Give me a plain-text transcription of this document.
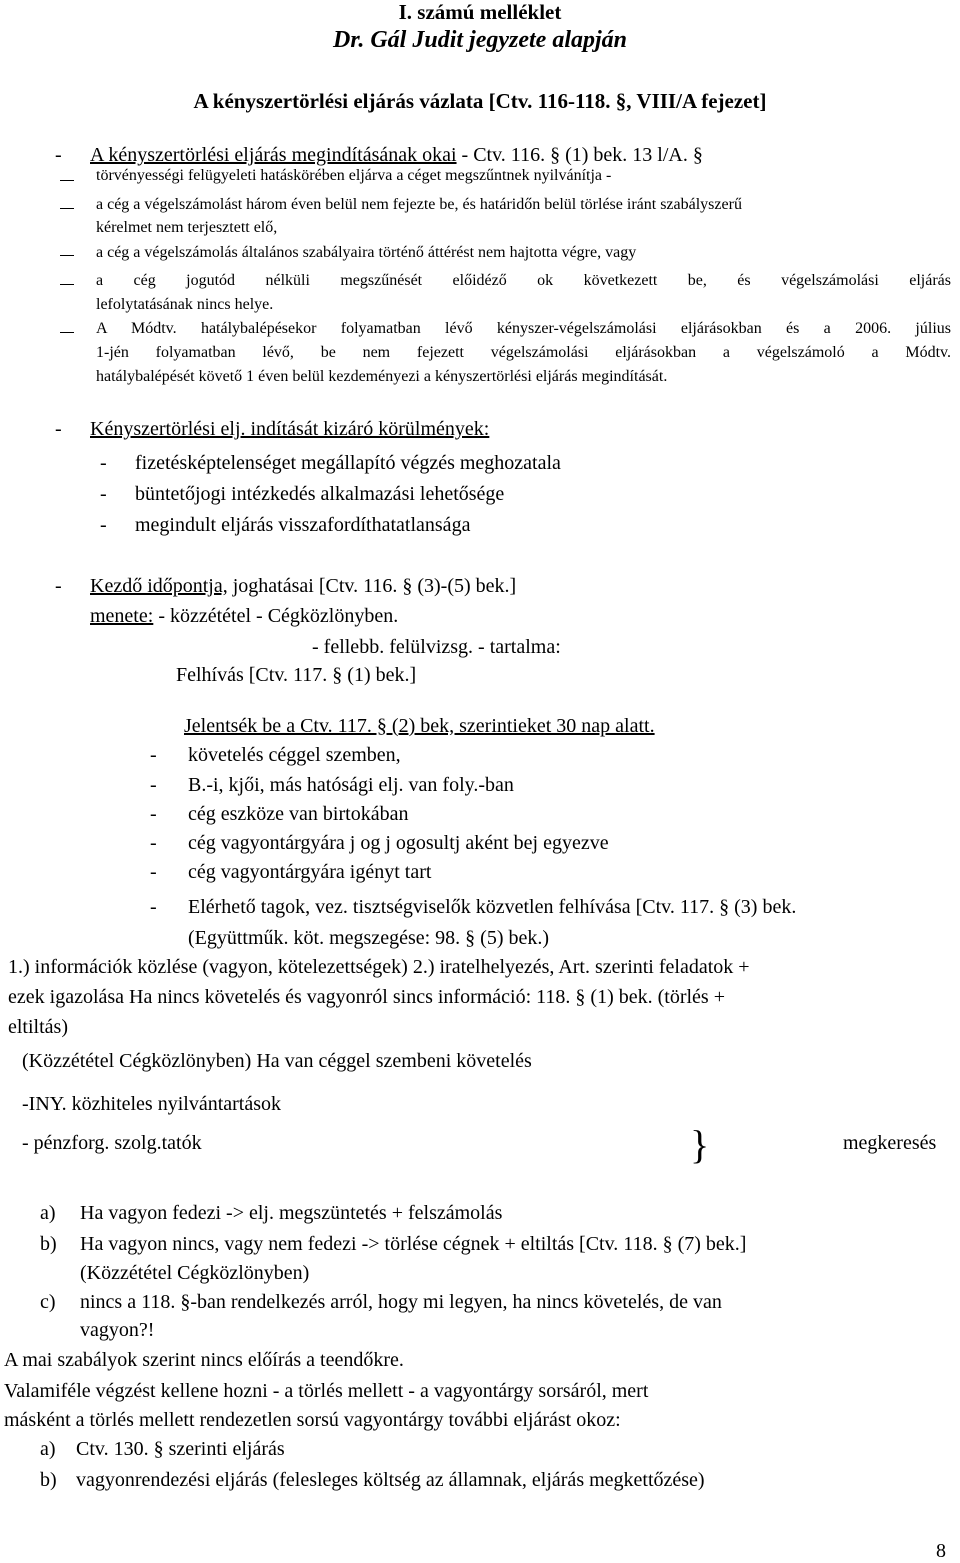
I. számú melléklet
Dr. Gál Judit jegyzete alapján
A kényszertörlési eljárás vázlata [Ctv. 116-118. §, VIII/A fejezet]
- A kényszertörlési eljárás megindításának okai - Ctv. 116. § (1) bek. 13 l/A. §
törvényességi felügyeleti hatáskörében eljárva a céget megszűntnek nyilvánítja -
a cég a végelszámolást három éven belül nem fejezte be, és határidőn belül törlése iránt szabályszerű
kérelmet nem terjesztett elő,
a cég a végelszámolás általános szabályaira történő áttérést nem hajtotta végre, vagy
a cég jogutód nélküli megszűnését előidéző ok következett be, és végelszámolási eljárás
lefolytatásának nincs helye.
A Módtv. hatálybalépésekor folyamatban lévő kényszer-végelszámolási eljárásokban és a 2006. július
1-jén folyamatban lévő, be nem fejezett végelszámolási eljárásokban a végelszámoló a Módtv.
hatálybalépését követő 1 éven belül kezdeményezi a kényszertörlési eljárás megindítását.
- Kényszertörlési elj. indítását kizáró körülmények:
- fizetésképtelenséget megállapító végzés meghozatala
- büntetőjogi intézkedés alkalmazási lehetősége
- megindult eljárás visszafordíthatatlansága
- Kezdő időpontja, joghatásai [Ctv. 116. § (3)-(5) bek.]
menete: - közzététel - Cégközlönyben.
- fellebb. felülvizsg. - tartalma:
Felhívás [Ctv. 117. § (1) bek.]
Jelentsék be a Ctv. 117. § (2) bek, szerintieket 30 nap alatt.
- követelés céggel szemben,
- B.-i, kjői, más hatósági elj. van foly.-ban
- cég eszköze van birtokában
- cég vagyontárgyára j og j ogosultj aként bej egyezve
- cég vagyontárgyára igényt tart
- Elérhető tagok, vez. tisztségviselők közvetlen felhívása [Ctv. 117. § (3) bek.
(Együttműk. köt. megszegése: 98. § (5) bek.)
1.) információk közlése (vagyon, kötelezettségek) 2.) iratelhelyezés, Art. szerinti feladatok +
ezek igazolása Ha nincs követelés és vagyonról sincs információ: 118. § (1) bek. (törlés +
eltiltás)
(Közzététel Cégközlönyben) Ha van céggel szembeni követelés
-INY. közhiteles nyilvántartások
- pénzforg. szolg.tatók	}	megkeresés
a) Ha vagyon fedezi -> elj. megszüntetés + felszámolás
b) Ha vagyon nincs, vagy nem fedezi -> törlése cégnek + eltiltás [Ctv. 118. § (7) bek.]
(Közzététel Cégközlönyben)
c) nincs a 118. §-ban rendelkezés arról, hogy mi legyen, ha nincs követelés, de van
vagyon?!
A mai szabályok szerint nincs előírás a teendőkre.
Valamiféle végzést kellene hozni - a törlés mellett - a vagyontárgy sorsáról, mert
másként a törlés mellett rendezetlen sorsú vagyontárgy további eljárást okoz:
a) Ctv. 130. § szerinti eljárás
b) vagyonrendezési eljárás (felesleges költség az államnak, eljárás megkettőzése)
8
